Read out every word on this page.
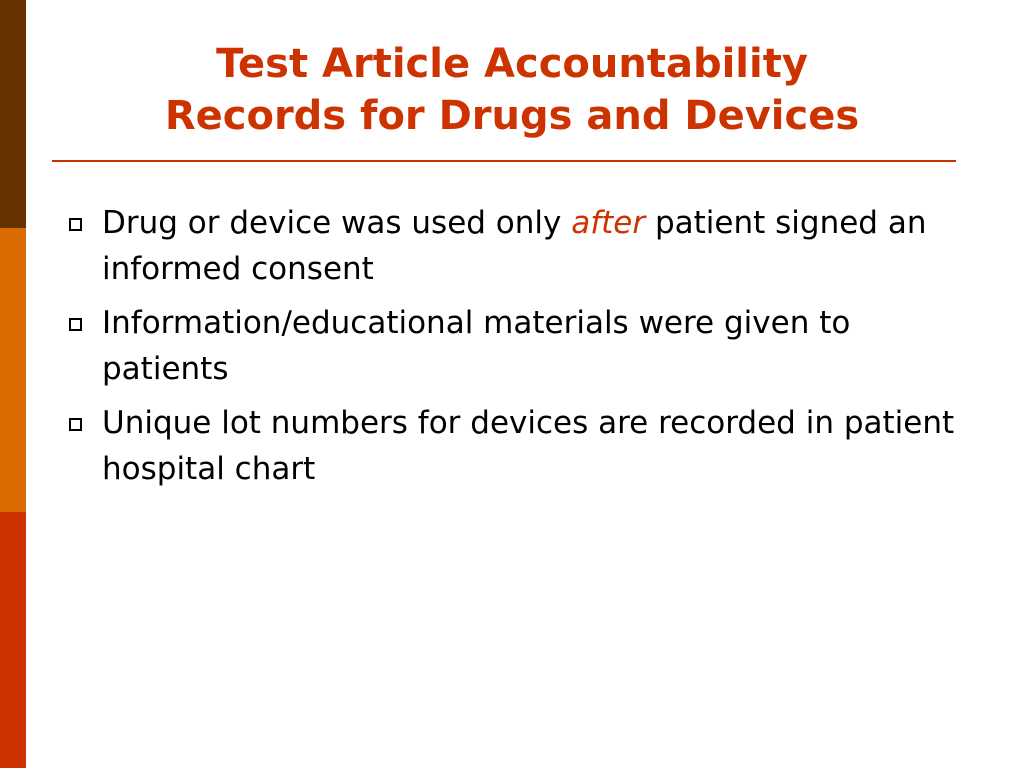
Test Article Accountability
Records for Drugs and Devices
Drug or device was used only after patient signed an informed consent
Information/educational materials were given to patients
Unique lot numbers for devices are recorded in patient hospital chart
